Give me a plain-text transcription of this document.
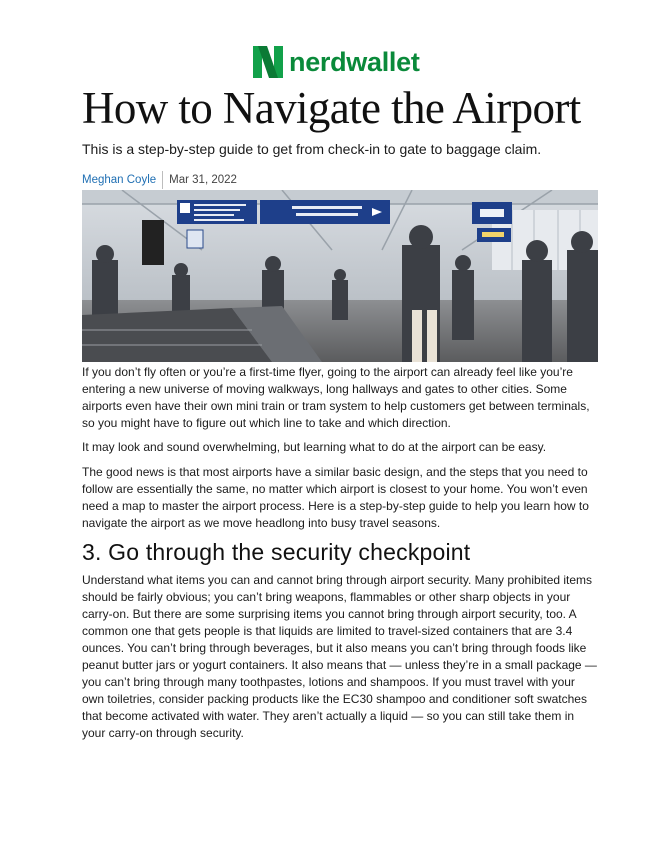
nerdwallet
How to Navigate the Airport

This is a step-by-step guide to get from check-in to gate to baggage claim.

Meghan Coyle Mar 31, 2022

If you don’t fly often or you’re a first-time flyer, going to the airport can already feel like you’re entering a new universe of moving walkways, long hallways and gates to other cities. Some airports even have their own mini train or tram system to help customers get between terminals, so you might have to figure out which line to take and which direction.

It may look and sound overwhelming, but learning what to do at the airport can be easy.

The good news is that most airports have a similar basic design, and the steps that you need to follow are essentially the same, no matter which airport is closest to your home. You won’t even need a map to master the airport process. Here is a step-by-step guide to help you learn how to navigate the airport as we move headlong into busy travel seasons.

3. Go through the security checkpoint

Understand what items you can and cannot bring through airport security. Many prohibited items should be fairly obvious; you can’t bring weapons, flammables or other sharp objects in your carry-on. But there are some surprising items you cannot bring through airport security, too. A common one that gets people is that liquids are limited to travel-sized containers that are 3.4 ounces. You can’t bring through beverages, but it also means you can’t bring through foods like peanut butter jars or yogurt containers. It also means that — unless they’re in a small package — you can’t bring through many toothpastes, lotions and shampoos. If you must travel with your own toiletries, consider packing products like the EC30 shampoo and conditioner soft swatches that become activated with water. They aren’t actually a liquid — so you can still take them in your carry-on through security.
